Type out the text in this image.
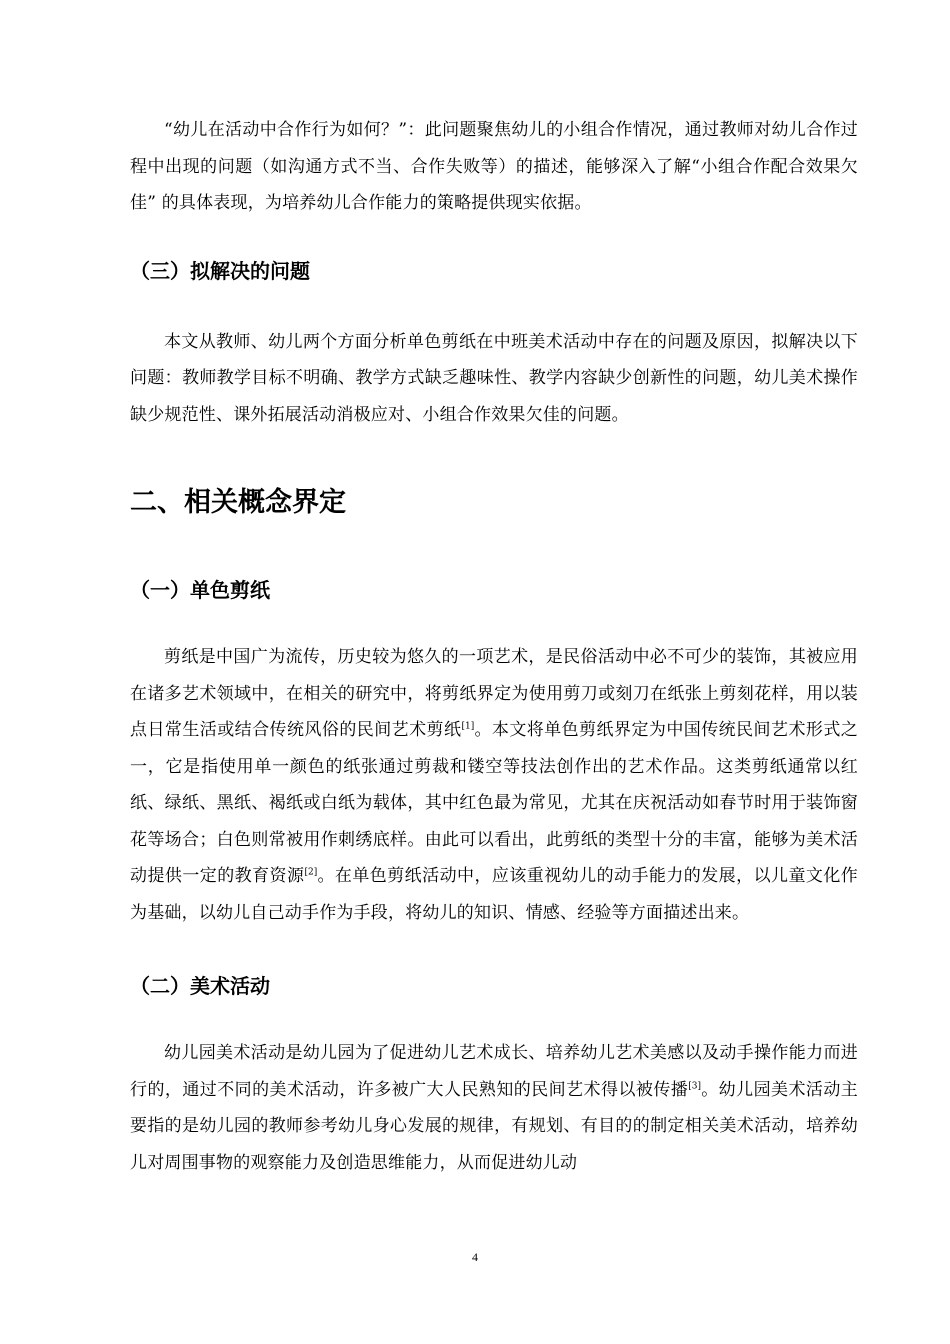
“幼儿在活动中合作行为如何？”：此问题聚焦幼儿的小组合作情况，通过教师对幼儿合作过程中出现的问题（如沟通方式不当、合作失败等）的描述，能够深入了解“小组合作配合效果欠佳” 的具体表现，为培养幼儿合作能力的策略提供现实依据。

（三）拟解决的问题

本文从教师、幼儿两个方面分析单色剪纸在中班美术活动中存在的问题及原因，拟解决以下问题：教师教学目标不明确、教学方式缺乏趣味性、教学内容缺少创新性的问题，幼儿美术操作缺少规范性、课外拓展活动消极应对、小组合作效果欠佳的问题。

二、相关概念界定
（一）单色剪纸

剪纸是中国广为流传，历史较为悠久的一项艺术，是民俗活动中必不可少的装饰，其被应用在诸多艺术领域中，在相关的研究中，将剪纸界定为使用剪刀或刻刀在纸张上剪刻花样，用以装点日常生活或结合传统风俗的民间艺术剪纸[1]。本文将单色剪纸界定为中国传统民间艺术形式之一，它是指使用单一颜色的纸张通过剪裁和镂空等技法创作出的艺术作品。这类剪纸通常以红纸、绿纸、黑纸、褐纸或白纸为载体，其中红色最为常见，尤其在庆祝活动如春节时用于装饰窗花等场合；白色则常被用作刺绣底样。由此可以看出，此剪纸的类型十分的丰富，能够为美术活动提供一定的教育资源[2]。在单色剪纸活动中，应该重视幼儿的动手能力的发展，以儿童文化作为基础，以幼儿自己动手作为手段，将幼儿的知识、情感、经验等方面描述出来。

（二）美术活动

幼儿园美术活动是幼儿园为了促进幼儿艺术成长、培养幼儿艺术美感以及动手操作能力而进行的，通过不同的美术活动，许多被广大人民熟知的民间艺术得以被传播[3]。幼儿园美术活动主要指的是幼儿园的教师参考幼儿身心发展的规律，有规划、有目的的制定相关美术活动，培养幼儿对周围事物的观察能力及创造思维能力，从而促进幼儿动

4
